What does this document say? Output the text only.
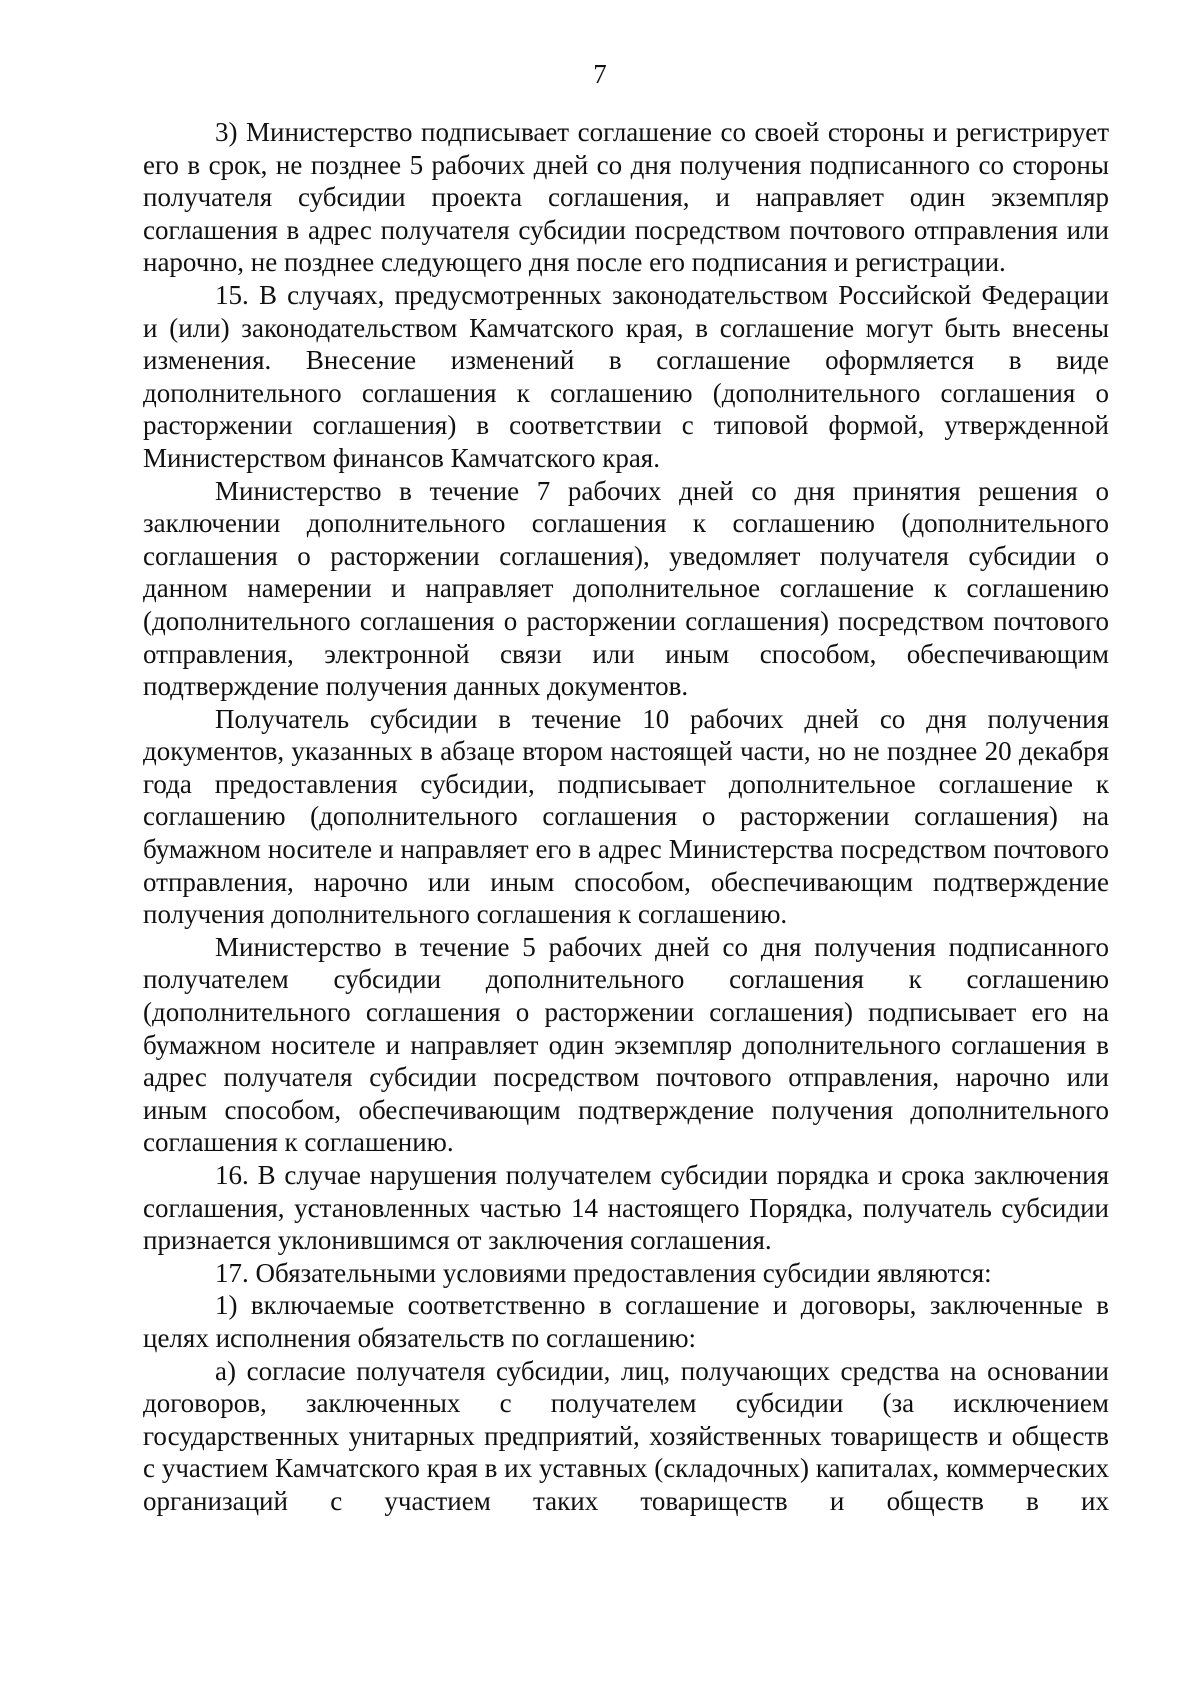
7

3) Министерство подписывает соглашение со своей стороны и регистрирует его в срок, не позднее 5 рабочих дней со дня получения подписанного со стороны получателя субсидии проекта соглашения, и направляет один экземпляр соглашения в адрес получателя субсидии посредством почтового отправления или нарочно, не позднее следующего дня после его подписания и регистрации.

15. В случаях, предусмотренных законодательством Российской Федерации и (или) законодательством Камчатского края, в соглашение могут быть внесены изменения. Внесение изменений в соглашение оформляется в виде дополнительного соглашения к соглашению (дополнительного соглашения о расторжении соглашения) в соответствии с типовой формой, утвержденной Министерством финансов Камчатского края.

Министерство в течение 7 рабочих дней со дня принятия решения о заключении дополнительного соглашения к соглашению (дополнительного соглашения о расторжении соглашения), уведомляет получателя субсидии о данном намерении и направляет дополнительное соглашение к соглашению (дополнительного соглашения о расторжении соглашения) посредством почтового отправления, электронной связи или иным способом, обеспечивающим подтверждение получения данных документов.

Получатель субсидии в течение 10 рабочих дней со дня получения документов, указанных в абзаце втором настоящей части, но не позднее 20 декабря года предоставления субсидии, подписывает дополнительное соглашение к соглашению (дополнительного соглашения о расторжении соглашения) на бумажном носителе и направляет его в адрес Министерства посредством почтового отправления, нарочно или иным способом, обеспечивающим подтверждение получения дополнительного соглашения к соглашению.

Министерство в течение 5 рабочих дней со дня получения подписанного получателем субсидии дополнительного соглашения к соглашению (дополнительного соглашения о расторжении соглашения) подписывает его на бумажном носителе и направляет один экземпляр дополнительного соглашения в адрес получателя субсидии посредством почтового отправления, нарочно или иным способом, обеспечивающим подтверждение получения дополнительного соглашения к соглашению.

16. В случае нарушения получателем субсидии порядка и срока заключения соглашения, установленных частью 14 настоящего Порядка, получатель субсидии признается уклонившимся от заключения соглашения.

17. Обязательными условиями предоставления субсидии являются:

1) включаемые соответственно в соглашение и договоры, заключенные в целях исполнения обязательств по соглашению:

а) согласие получателя субсидии, лиц, получающих средства на основании договоров, заключенных с получателем субсидии (за исключением государственных унитарных предприятий, хозяйственных товариществ и обществ с участием Камчатского края в их уставных (складочных) капиталах, коммерческих организаций с участием таких товариществ и обществ в их
